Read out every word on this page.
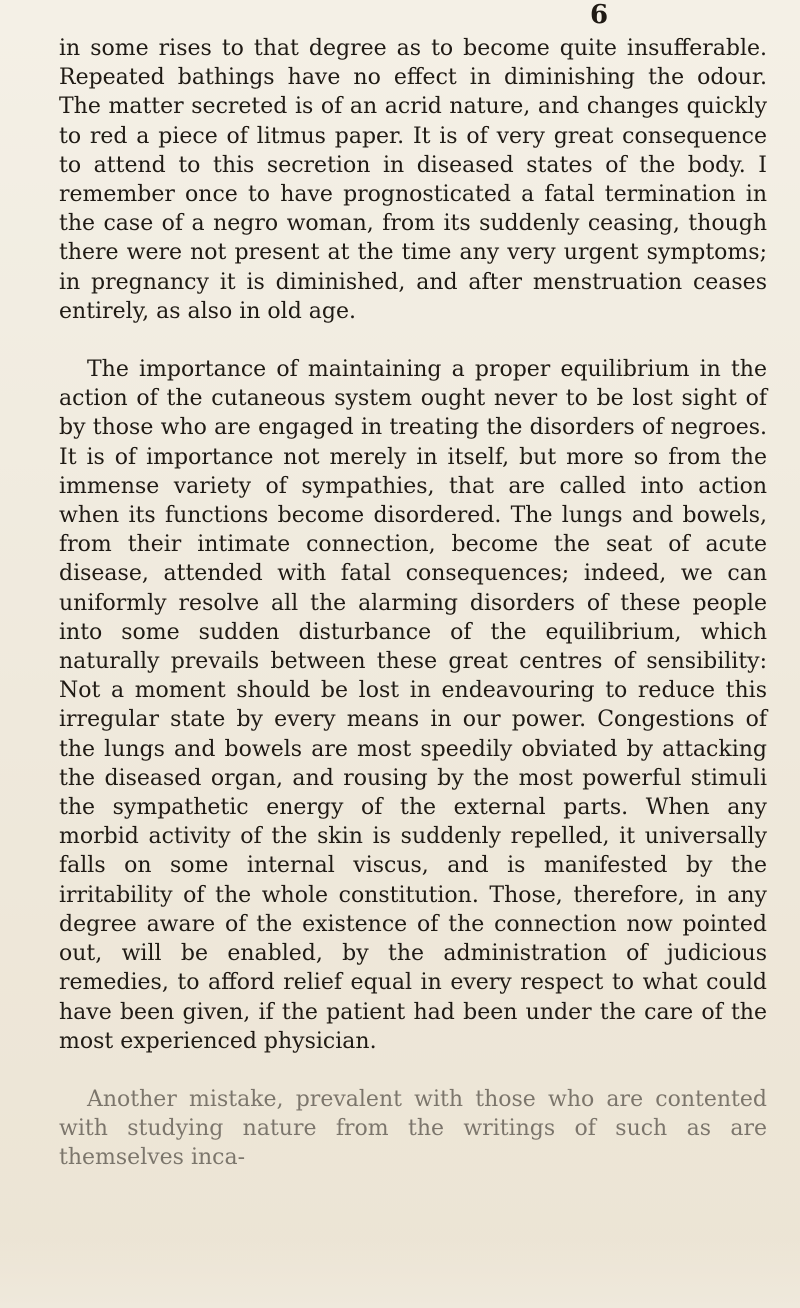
6

in some rises to that degree as to become quite insufferable. Repeated bathings have no effect in diminishing the odour. The matter secreted is of an acrid nature, and changes quickly to red a piece of litmus paper. It is of very great consequence to attend to this secretion in diseased states of the body. I remember once to have prognosticated a fatal termination in the case of a negro woman, from its suddenly ceasing, though there were not present at the time any very urgent symptoms; in pregnancy it is diminished, and after menstruation ceases entirely, as also in old age.

The importance of maintaining a proper equilibrium in the action of the cutaneous system ought never to be lost sight of by those who are engaged in treating the disorders of negroes. It is of importance not merely in itself, but more so from the immense variety of sympathies, that are called into action when its functions become disordered. The lungs and bowels, from their intimate connection, become the seat of acute disease, attended with fatal consequences; indeed, we can uniformly resolve all the alarming disorders of these people into some sudden disturbance of the equilibrium, which naturally prevails between these great centres of sensibility: Not a moment should be lost in endeavouring to reduce this irregular state by every means in our power. Congestions of the lungs and bowels are most speedily obviated by attacking the diseased organ, and rousing by the most powerful stimuli the sympathetic energy of the external parts. When any morbid activity of the skin is suddenly repelled, it universally falls on some internal viscus, and is manifested by the irritability of the whole constitution. Those, therefore, in any degree aware of the existence of the connection now pointed out, will be enabled, by the administration of judicious remedies, to afford relief equal in every respect to what could have been given, if the patient had been under the care of the most experienced physician.

Another mistake, prevalent with those who are contented with studying nature from the writings of such as are themselves inca-
